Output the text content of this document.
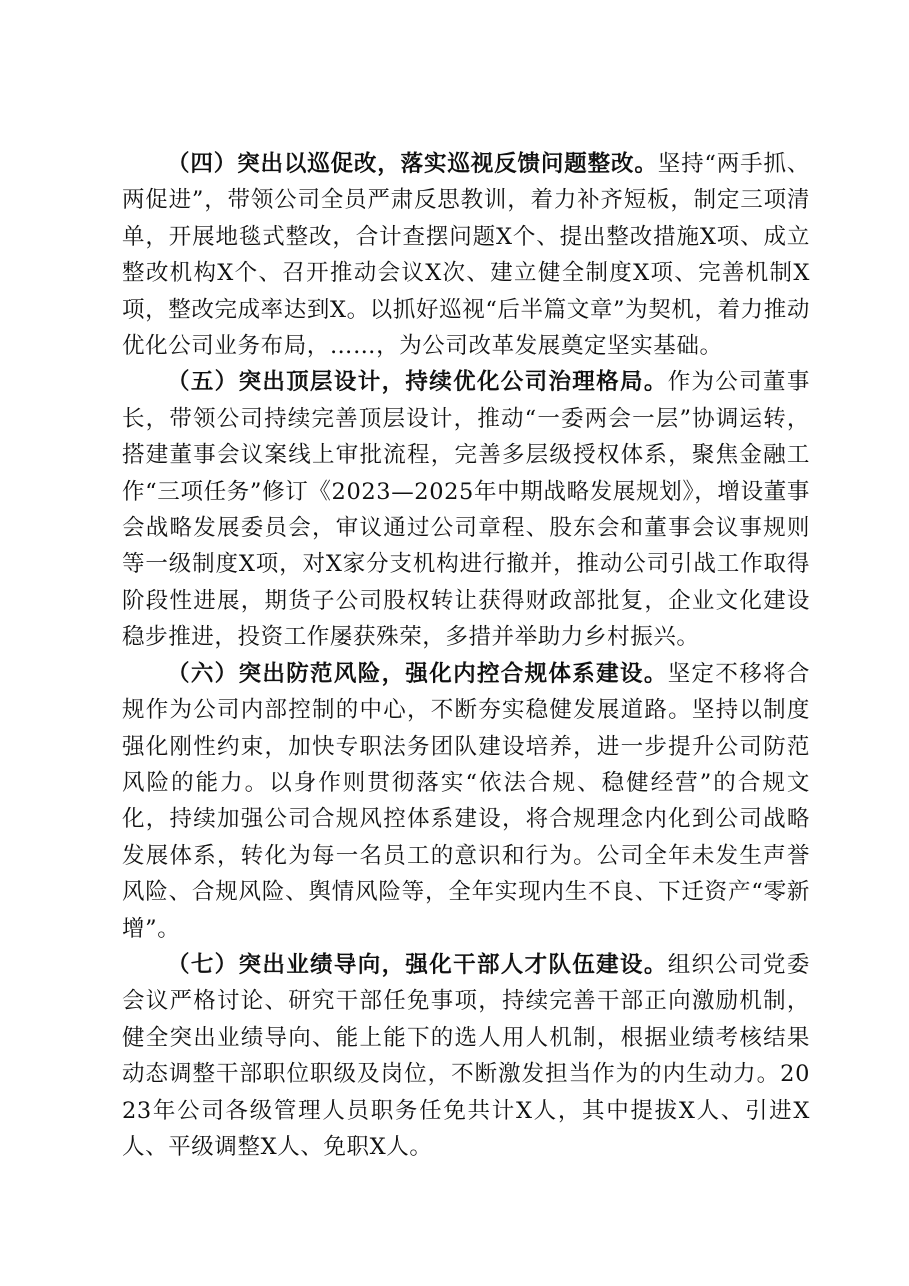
（四）突出以巡促改，落实巡视反馈问题整改。坚持“两手抓、两促进”，带领公司全员严肃反思教训，着力补齐短板，制定三项清单，开展地毯式整改，合计查摆问题X个、提出整改措施X项、成立整改机构X个、召开推动会议X次、建立健全制度X项、完善机制X项，整改完成率达到X。以抓好巡视“后半篇文章”为契机，着力推动优化公司业务布局，……，为公司改革发展奠定坚实基础。

（五）突出顶层设计，持续优化公司治理格局。作为公司董事长，带领公司持续完善顶层设计，推动“一委两会一层”协调运转，搭建董事会议案线上审批流程，完善多层级授权体系，聚焦金融工作“三项任务”修订《2023—2025年中期战略发展规划》，增设董事会战略发展委员会，审议通过公司章程、股东会和董事会议事规则等一级制度X项，对X家分支机构进行撤并，推动公司引战工作取得阶段性进展，期货子公司股权转让获得财政部批复，企业文化建设稳步推进，投资工作屡获殊荣，多措并举助力乡村振兴。

（六）突出防范风险，强化内控合规体系建设。坚定不移将合规作为公司内部控制的中心，不断夯实稳健发展道路。坚持以制度强化刚性约束，加快专职法务团队建设培养，进一步提升公司防范风险的能力。以身作则贯彻落实“依法合规、稳健经营”的合规文化，持续加强公司合规风控体系建设，将合规理念内化到公司战略发展体系，转化为每一名员工的意识和行为。公司全年未发生声誉风险、合规风险、舆情风险等，全年实现内生不良、下迁资产“零新增”。

（七）突出业绩导向，强化干部人才队伍建设。组织公司党委会议严格讨论、研究干部任免事项，持续完善干部正向激励机制，健全突出业绩导向、能上能下的选人用人机制，根据业绩考核结果动态调整干部职位职级及岗位，不断激发担当作为的内生动力。2023年公司各级管理人员职务任免共计X人，其中提拔X人、引进X人、平级调整X人、免职X人。
